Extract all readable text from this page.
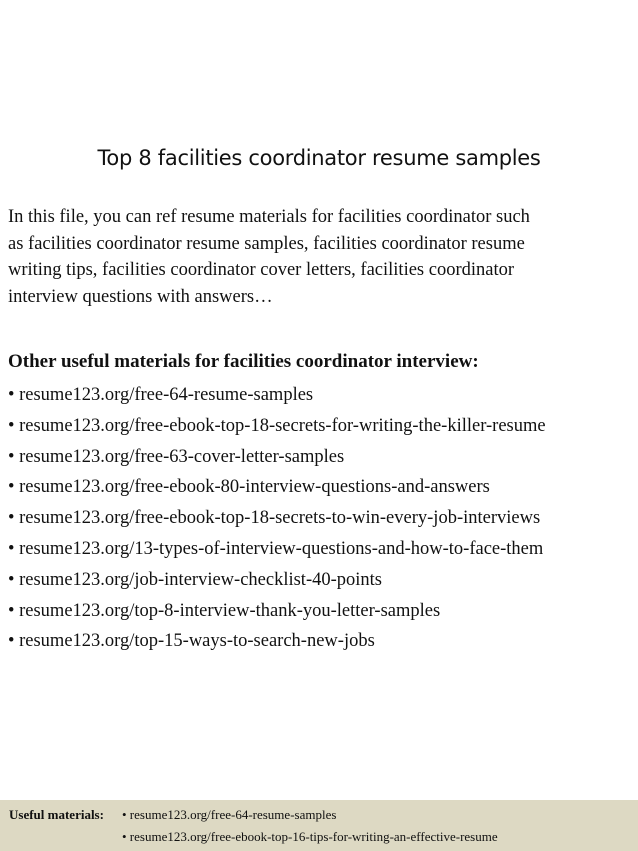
Top 8 facilities coordinator resume samples
In this file, you can ref resume materials for facilities coordinator such
as facilities coordinator resume samples, facilities coordinator resume
writing tips, facilities coordinator cover letters, facilities coordinator
interview questions with answers…
Other useful materials for facilities coordinator interview:
• resume123.org/free-64-resume-samples
• resume123.org/free-ebook-top-18-secrets-for-writing-the-killer-resume
• resume123.org/free-63-cover-letter-samples
• resume123.org/free-ebook-80-interview-questions-and-answers
• resume123.org/free-ebook-top-18-secrets-to-win-every-job-interviews
• resume123.org/13-types-of-interview-questions-and-how-to-face-them
• resume123.org/job-interview-checklist-40-points
• resume123.org/top-8-interview-thank-you-letter-samples
• resume123.org/top-15-ways-to-search-new-jobs
Useful materials: • resume123.org/free-64-resume-samples
• resume123.org/free-ebook-top-16-tips-for-writing-an-effective-resume
